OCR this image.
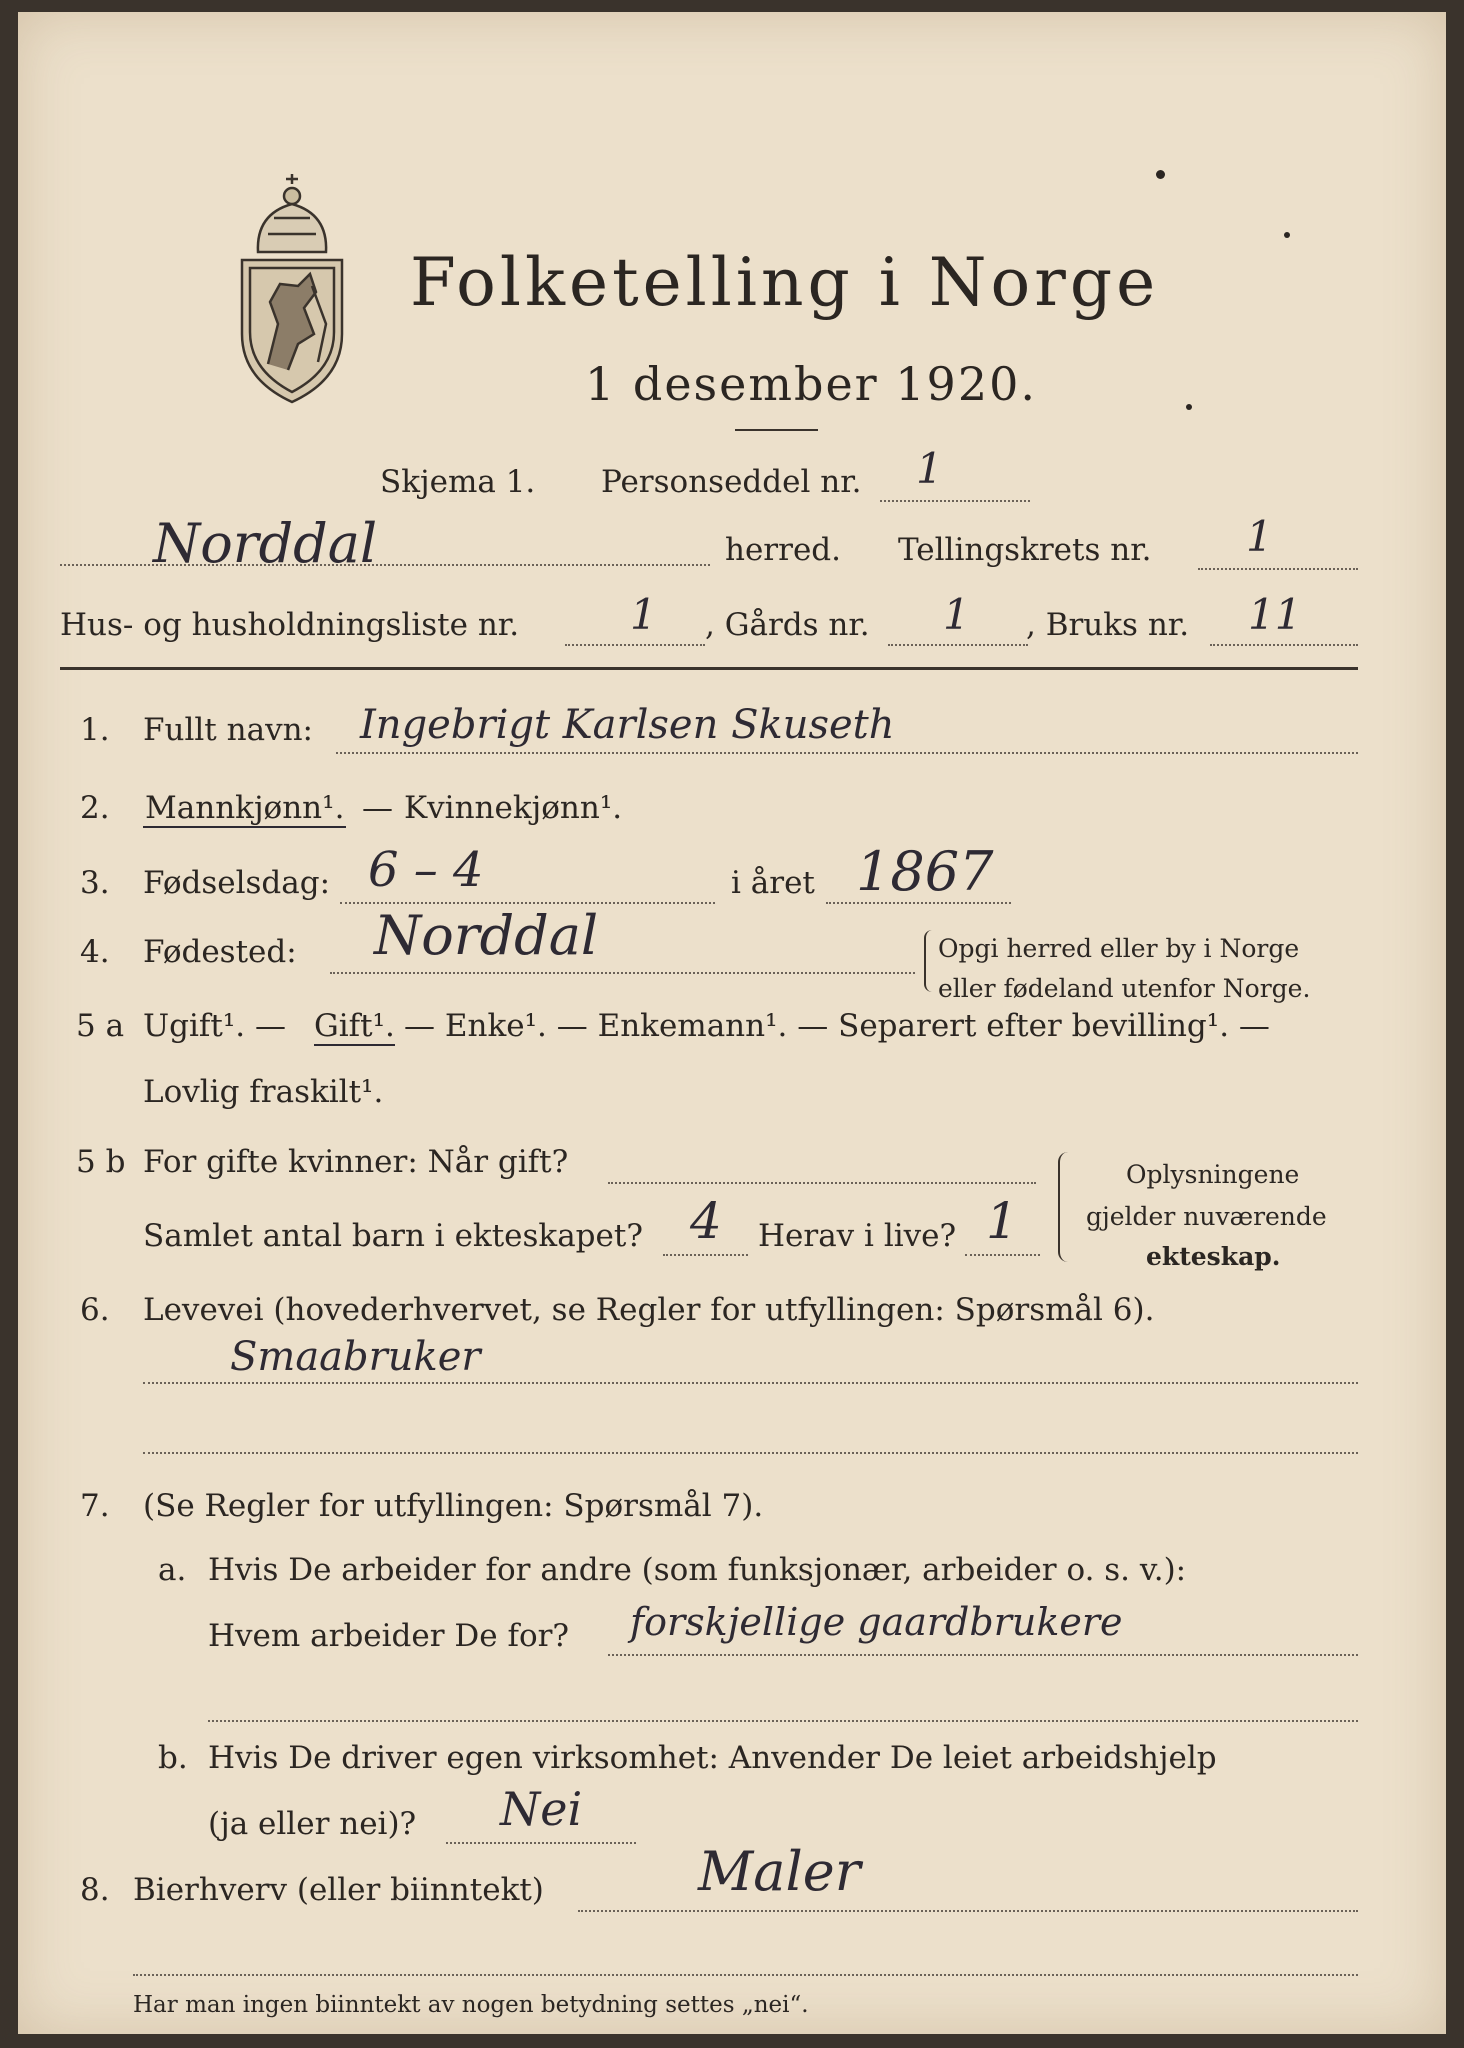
Folketelling i Norge
1 desember 1920.
Skjema 1. Personseddel nr. 1
Norddal	herred. Tellingskrets nr. 1
Hus- og husholdningsliste nr.	1 , Gårds nr. 1 , Bruks nr. 11
1. Fullt navn: Ingebrigt Karlsen Skuseth
2. Mannkjønn¹. — Kvinnekjønn¹.
3. Fødselsdag: 6 – 4	i året 1867
4. Fødested: Norddal	Opgi herred eller by i Norge
eller fødeland utenfor Norge.
5 a Ugift¹. — Gift¹. — Enke¹. — Enkemann¹. — Separert efter bevilling¹. —
Lovlig fraskilt¹.
5 b For gifte kvinner: Når gift?
Samlet antal barn i ekteskapet? 4 Herav i live? 1
Oplysningene
gjelder nuværende
ekteskap.
6. Levevei (hovederhvervet, se Regler for utfyllingen: Spørsmål 6).
Smaabruker
7. (Se Regler for utfyllingen: Spørsmål 7).
a. Hvis De arbeider for andre (som funksjonær, arbeider o. s. v.):
Hvem arbeider De for? forskjellige gaardbrukere
b. Hvis De driver egen virksomhet: Anvender De leiet arbeidshjelp
(ja eller nei)? Nei
8. Bierhverv (eller biinntekt)	Maler
Har man ingen biinntekt av nogen betydning settes „nei“.
